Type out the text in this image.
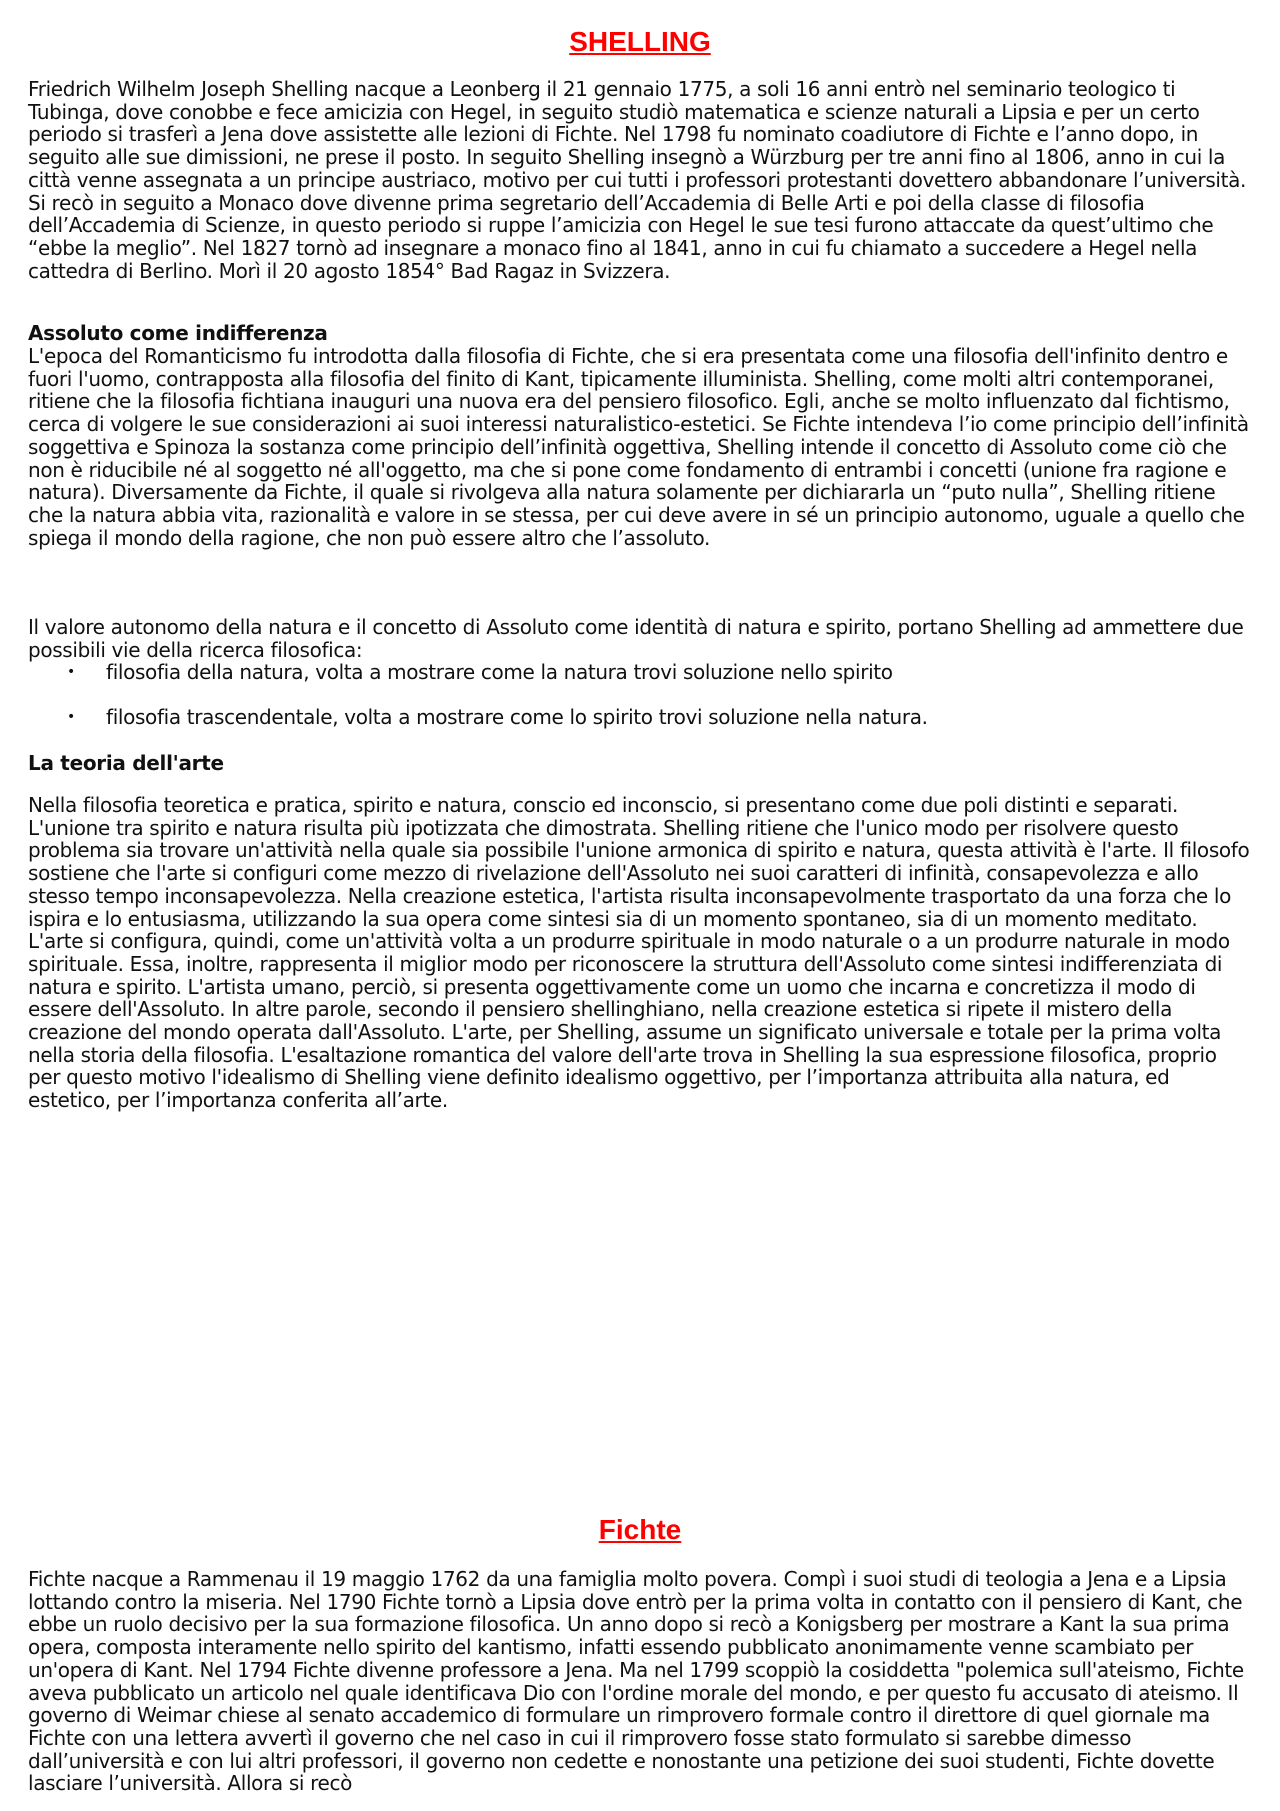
SHELLING

Friedrich Wilhelm Joseph Shelling nacque a Leonberg il 21 gennaio 1775, a soli 16 anni entrò nel seminario teologico ti Tubinga, dove conobbe e fece amicizia con Hegel, in seguito studiò matematica e scienze naturali a Lipsia e per un certo periodo si trasferì a Jena dove assistette alle lezioni di Fichte. Nel 1798 fu nominato coadiutore di Fichte e l’anno dopo, in seguito alle sue dimissioni, ne prese il posto. In seguito Shelling insegnò a Würzburg per tre anni fino al 1806, anno in cui la città venne assegnata a un principe austriaco, motivo per cui tutti i professori protestanti dovettero abbandonare l’università. Si recò in seguito a Monaco dove divenne prima segretario dell’Accademia di Belle Arti e poi della classe di filosofia dell’Accademia di Scienze, in questo periodo si ruppe l’amicizia con Hegel le sue tesi furono attaccate da quest’ultimo che “ebbe la meglio”. Nel 1827 tornò ad insegnare a monaco fino al 1841, anno in cui fu chiamato a succedere a Hegel nella cattedra di Berlino. Morì il 20 agosto 1854° Bad Ragaz in Svizzera.

Assoluto come indifferenza

L'epoca del Romanticismo fu introdotta dalla filosofia di Fichte, che si era presentata come una filosofia dell'infinito dentro e fuori l'uomo, contrapposta alla filosofia del finito di Kant, tipicamente illuminista. Shelling, come molti altri contemporanei, ritiene che la filosofia fichtiana inauguri una nuova era del pensiero filosofico. Egli, anche se molto influenzato dal fichtismo, cerca di volgere le sue considerazioni ai suoi interessi naturalistico-estetici. Se Fichte intendeva l’io come principio dell’infinità soggettiva e Spinoza la sostanza come principio dell’infinità oggettiva, Shelling intende il concetto di Assoluto come ciò che non è riducibile né al soggetto né all'oggetto, ma che si pone come fondamento di entrambi i concetti (unione fra ragione e natura). Diversamente da Fichte, il quale si rivolgeva alla natura solamente per dichiararla un “puto nulla”, Shelling ritiene che la natura abbia vita, razionalità e valore in se stessa, per cui deve avere in sé un principio autonomo, uguale a quello che spiega il mondo della ragione, che non può essere altro che l’assoluto.

Il valore autonomo della natura e il concetto di Assoluto come identità di natura e spirito, portano Shelling ad ammettere due possibili vie della ricerca filosofica:

• filosofia della natura, volta a mostrare come la natura trovi soluzione nello spirito
• filosofia trascendentale, volta a mostrare come lo spirito trovi soluzione nella natura.

La teoria dell'arte

Nella filosofia teoretica e pratica, spirito e natura, conscio ed inconscio, si presentano come due poli distinti e separati. L'unione tra spirito e natura risulta più ipotizzata che dimostrata. Shelling ritiene che l'unico modo per risolvere questo problema sia trovare un'attività nella quale sia possibile l'unione armonica di spirito e natura, questa attività è l'arte. Il filosofo sostiene che l'arte si configuri come mezzo di rivelazione dell'Assoluto nei suoi caratteri di infinità, consapevolezza e allo stesso tempo inconsapevolezza. Nella creazione estetica, l'artista risulta inconsapevolmente trasportato da una forza che lo ispira e lo entusiasma, utilizzando la sua opera come sintesi sia di un momento spontaneo, sia di un momento meditato. L'arte si configura, quindi, come un'attività volta a un produrre spirituale in modo naturale o a un produrre naturale in modo spirituale. Essa, inoltre, rappresenta il miglior modo per riconoscere la struttura dell'Assoluto come sintesi indifferenziata di natura e spirito. L'artista umano, perciò, si presenta oggettivamente come un uomo che incarna e concretizza il modo di essere dell'Assoluto. In altre parole, secondo il pensiero shellinghiano, nella creazione estetica si ripete il mistero della creazione del mondo operata dall'Assoluto. L'arte, per Shelling, assume un significato universale e totale per la prima volta nella storia della filosofia. L'esaltazione romantica del valore dell'arte trova in Shelling la sua espressione filosofica, proprio per questo motivo l'idealismo di Shelling viene definito idealismo oggettivo, per l’importanza attribuita alla natura, ed estetico, per l’importanza conferita all’arte.

Fichte

Fichte nacque a Rammenau il 19 maggio 1762 da una famiglia molto povera. Compì i suoi studi di teologia a Jena e a Lipsia lottando contro la miseria. Nel 1790 Fichte tornò a Lipsia dove entrò per la prima volta in contatto con il pensiero di Kant, che ebbe un ruolo decisivo per la sua formazione filosofica. Un anno dopo si recò a Konigsberg per mostrare a Kant la sua prima opera, composta interamente nello spirito del kantismo, infatti essendo pubblicato anonimamente venne scambiato per un'opera di Kant. Nel 1794 Fichte divenne professore a Jena. Ma nel 1799 scoppiò la cosiddetta "polemica sull'ateismo, Fichte aveva pubblicato un articolo nel quale identificava Dio con l'ordine morale del mondo, e per questo fu accusato di ateismo. Il governo di Weimar chiese al senato accademico di formulare un rimprovero formale contro il direttore di quel giornale ma Fichte con una lettera avvertì il governo che nel caso in cui il rimprovero fosse stato formulato si sarebbe dimesso dall’università e con lui altri professori, il governo non cedette e nonostante una petizione dei suoi studenti, Fichte dovette lasciare l’università. Allora si recò
